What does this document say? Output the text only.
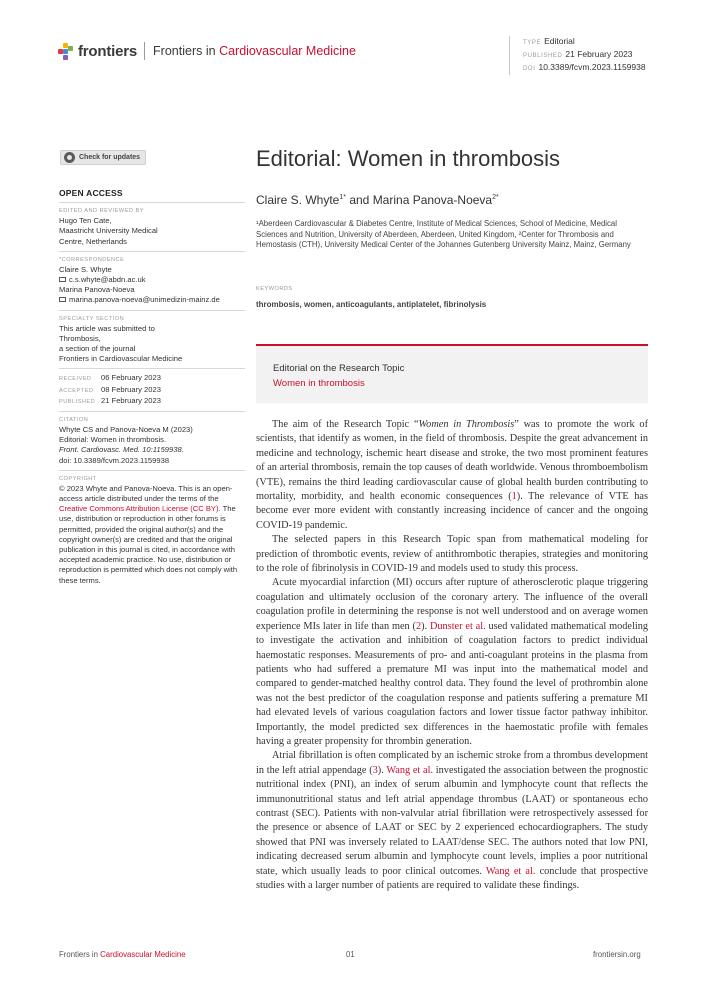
frontiers Frontiers in Cardiovascular Medicine
TYPE Editorial
PUBLISHED 21 February 2023
DOI 10.3389/fcvm.2023.1159938
Check for updates
OPEN ACCESS
EDITED AND REVIEWED BY
Hugo Ten Cate,
Maastricht University Medical
Centre, Netherlands
*CORRESPONDENCE
Claire S. Whyte
c.s.whyte@abdn.ac.uk
Marina Panova-Noeva
marina.panova-noeva@unimedizin-mainz.de
SPECIALTY SECTION
This article was submitted to
Thrombosis,
a section of the journal
Frontiers in Cardiovascular Medicine
RECEIVED 06 February 2023
ACCEPTED 08 February 2023
PUBLISHED 21 February 2023
CITATION
Whyte CS and Panova-Noeva M (2023)
Editorial: Women in thrombosis.
Front. Cardiovasc. Med. 10:1159938.
doi: 10.3389/fcvm.2023.1159938
COPYRIGHT
© 2023 Whyte and Panova-Noeva. This is an open-access article distributed under the terms of the Creative Commons Attribution License (CC BY). The use, distribution or reproduction in other forums is permitted, provided the original author(s) and the copyright owner(s) are credited and that the original publication in this journal is cited, in accordance with accepted academic practice. No use, distribution or reproduction is permitted which does not comply with these terms.
Editorial: Women in thrombosis
Claire S. Whyte$^{1*}$ and Marina Panova-Noeva$^{2*}$
¹Aberdeen Cardiovascular & Diabetes Centre, Institute of Medical Sciences, School of Medicine, Medical Sciences and Nutrition, University of Aberdeen, Aberdeen, United Kingdom, ²Center for Thrombosis and Hemostasis (CTH), University Medical Center of the Johannes Gutenberg University Mainz, Mainz, Germany
KEYWORDS
thrombosis, women, anticoagulants, antiplatelet, fibrinolysis
Editorial on the Research Topic
Women in thrombosis

The aim of the Research Topic “Women in Thrombosis” was to promote the work of scientists, that identify as women, in the field of thrombosis. Despite the great advancement in medicine and technology, ischemic heart disease and stroke, the two most prominent features of an arterial thrombosis, remain the top causes of death worldwide. Venous thromboembolism (VTE), remains the third leading cardiovascular cause of global health burden contributing to mortality, morbidity, and health economic consequences (1). The relevance of VTE has become ever more evident with constantly increasing incidence of cancer and the ongoing COVID-19 pandemic.

The selected papers in this Research Topic span from mathematical modeling for prediction of thrombotic events, review of antithrombotic therapies, strategies and monitoring to the role of fibrinolysis in COVID-19 and models used to study this process.

Acute myocardial infarction (MI) occurs after rupture of atherosclerotic plaque triggering coagulation and ultimately occlusion of the coronary artery. The influence of the overall coagulation profile in determining the response is not well understood and on average women experience MIs later in life than men (2). Dunster et al. used validated mathematical modeling to investigate the activation and inhibition of coagulation factors to predict individual haemostatic responses. Measurements of pro- and anti-coagulant proteins in the plasma from patients who had suffered a premature MI was input into the mathematical model and compared to gender-matched healthy control data. They found the level of prothrombin alone was not the best predictor of the coagulation response and patients suffering a premature MI had elevated levels of various coagulation factors and lower tissue factor pathway inhibitor. Importantly, the model predicted sex differences in the haemostatic profile with females having a greater propensity for thrombin generation.

Atrial fibrillation is often complicated by an ischemic stroke from a thrombus development in the left atrial appendage (3). Wang et al. investigated the association between the prognostic nutritional index (PNI), an index of serum albumin and lymphocyte count that reflects the immunonutritional status and left atrial appendage thrombus (LAAT) or spontaneous echo contrast (SEC). Patients with non-valvular atrial fibrillation were retrospectively assessed for the presence or absence of LAAT or SEC by 2 experienced echocardiographers. The study showed that PNI was inversely related to LAAT/dense SEC. The authors noted that low PNI, indicating decreased serum albumin and lymphocyte count levels, implies a poor nutritional state, which usually leads to poor clinical outcomes. Wang et al. conclude that prospective studies with a larger number of patients are required to validate these findings.

Frontiers in Cardiovascular Medicine	01	frontiersin.org
